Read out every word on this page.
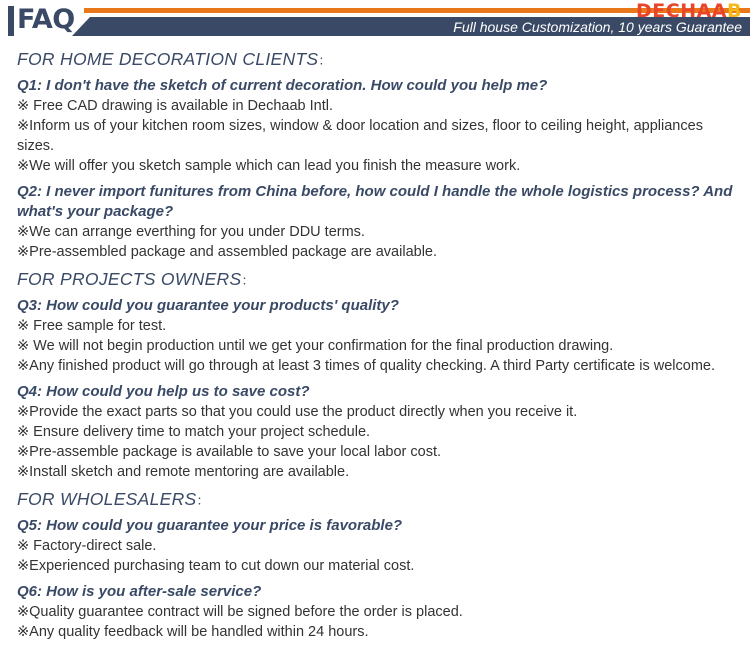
FAQ	DECHAAB
Full house Customization, 10 years Guarantee
FOR HOME DECORATION CLIENTS：
Q1: I don't have the sketch of current decoration. How could you help me?
※ Free CAD drawing is available in Dechaab Intl.
※Inform us of your kitchen room sizes, window & door location and sizes, floor to ceiling height, appliances sizes.
※We will offer you sketch sample which can lead you finish the measure work.
Q2: I never import funitures from China before, how could I handle the whole logistics process? And what's your package?
※We can arrange everthing for you under DDU terms.
※Pre-assembled package and assembled package are available.
FOR PROJECTS OWNERS：
Q3: How could you guarantee your products' quality?
※ Free sample for test.
※ We will not begin production until we get your confirmation for the final production drawing.
※Any finished product will go through at least 3 times of quality checking. A third Party certificate is welcome.
Q4: How could you help us to save cost?
※Provide the exact parts so that you could use the product directly when you receive it.
※ Ensure delivery time to match your project schedule.
※Pre-assemble package is available to save your local labor cost.
※Install sketch and remote mentoring are available.
FOR WHOLESALERS：
Q5: How could you guarantee your price is favorable?
※ Factory-direct sale.
※Experienced purchasing team to cut down our material cost.
Q6: How is you after-sale service?
※Quality guarantee contract will be signed before the order is placed.
※Any quality feedback will be handled within 24 hours.
